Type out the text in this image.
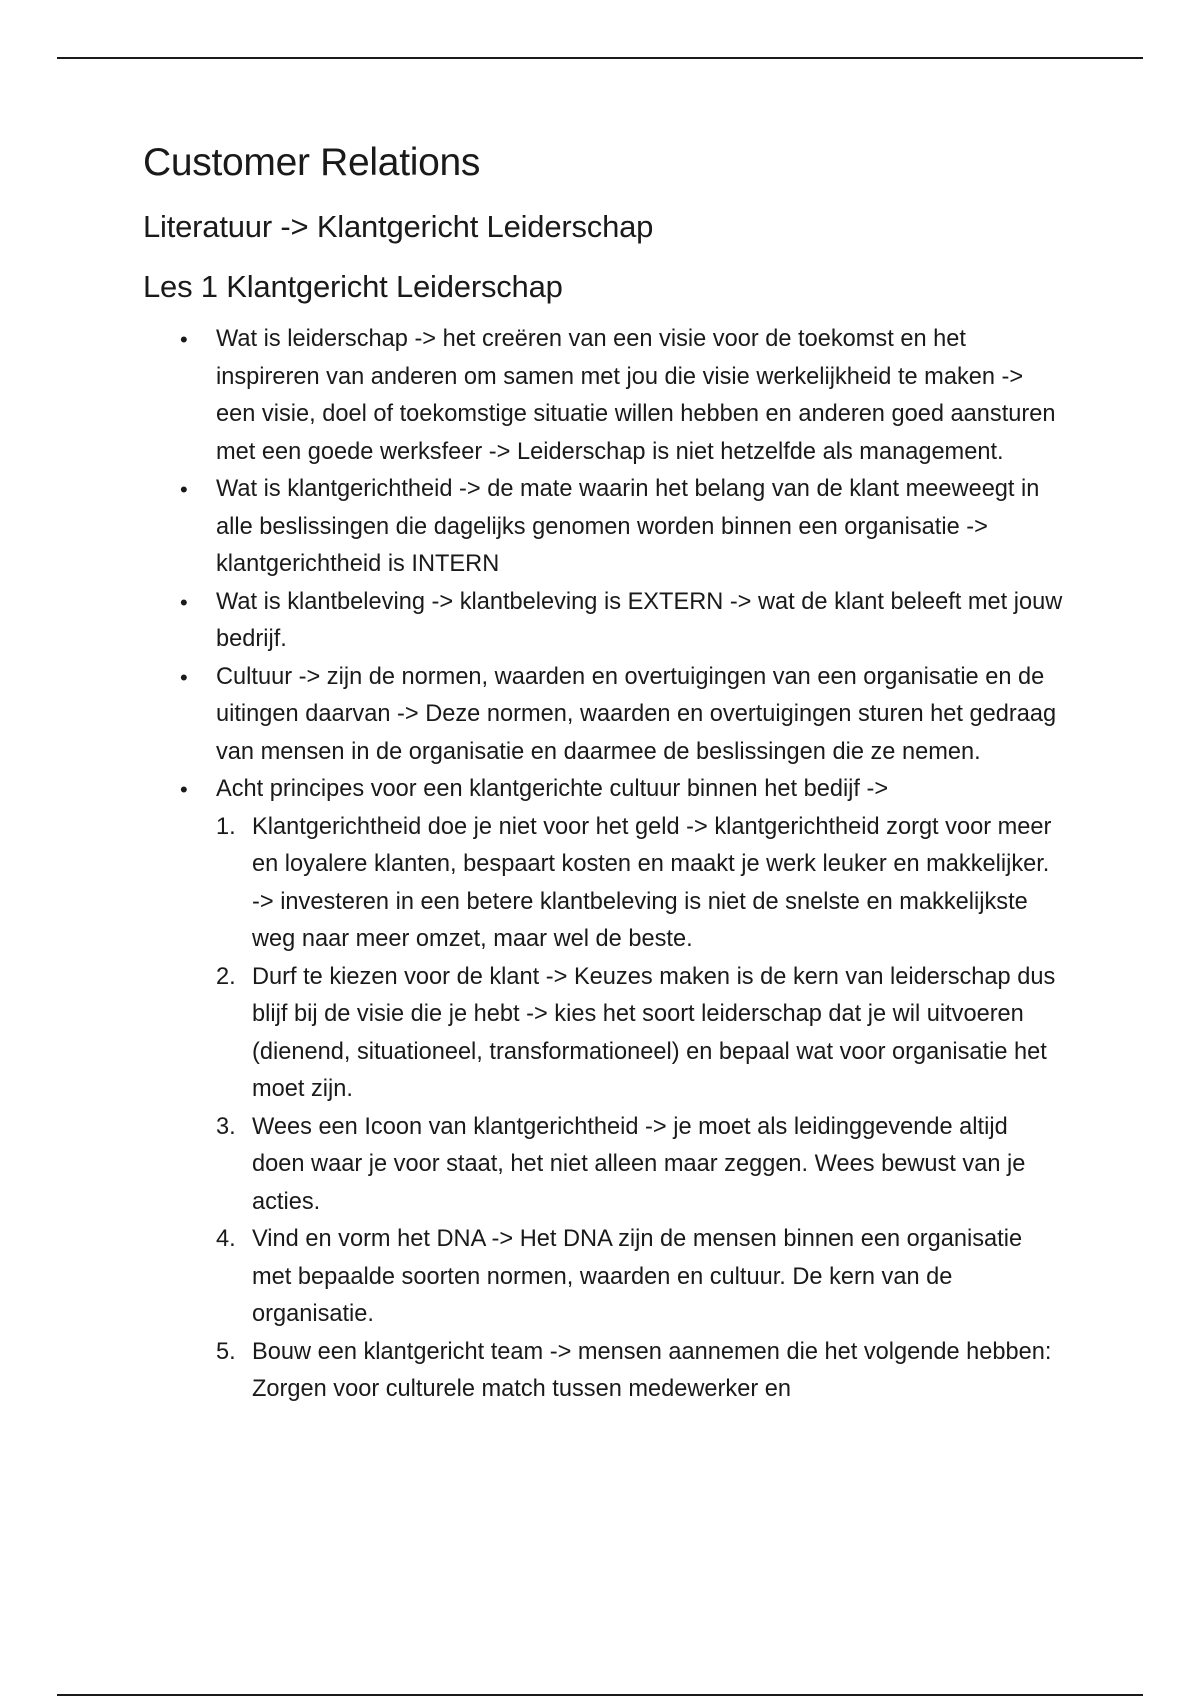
Customer Relations
Literatuur -> Klantgericht Leiderschap
Les 1 Klantgericht Leiderschap
• Wat is leiderschap -> het creëren van een visie voor de toekomst en het inspireren van anderen om samen met jou die visie werkelijkheid te maken -> een visie, doel of toekomstige situatie willen hebben en anderen goed aansturen met een goede werksfeer -> Leiderschap is niet hetzelfde als management.
• Wat is klantgerichtheid -> de mate waarin het belang van de klant meeweegt in alle beslissingen die dagelijks genomen worden binnen een organisatie -> klantgerichtheid is INTERN
• Wat is klantbeleving -> klantbeleving is EXTERN -> wat de klant beleeft met jouw bedrijf.
• Cultuur -> zijn de normen, waarden en overtuigingen van een organisatie en de uitingen daarvan -> Deze normen, waarden en overtuigingen sturen het gedraag van mensen in de organisatie en daarmee de beslissingen die ze nemen.
• Acht principes voor een klantgerichte cultuur binnen het bedijf ->
1. Klantgerichtheid doe je niet voor het geld -> klantgerichtheid zorgt voor meer en loyalere klanten, bespaart kosten en maakt je werk leuker en makkelijker. -> investeren in een betere klantbeleving is niet de snelste en makkelijkste weg naar meer omzet, maar wel de beste.
2. Durf te kiezen voor de klant -> Keuzes maken is de kern van leiderschap dus blijf bij de visie die je hebt -> kies het soort leiderschap dat je wil uitvoeren (dienend, situationeel, transformationeel) en bepaal wat voor organisatie het moet zijn.
3. Wees een Icoon van klantgerichtheid -> je moet als leidinggevende altijd doen waar je voor staat, het niet alleen maar zeggen. Wees bewust van je acties.
4. Vind en vorm het DNA -> Het DNA zijn de mensen binnen een organisatie met bepaalde soorten normen, waarden en cultuur. De kern van de organisatie.
5. Bouw een klantgericht team -> mensen aannemen die het volgende hebben: Zorgen voor culturele match tussen medewerker en
